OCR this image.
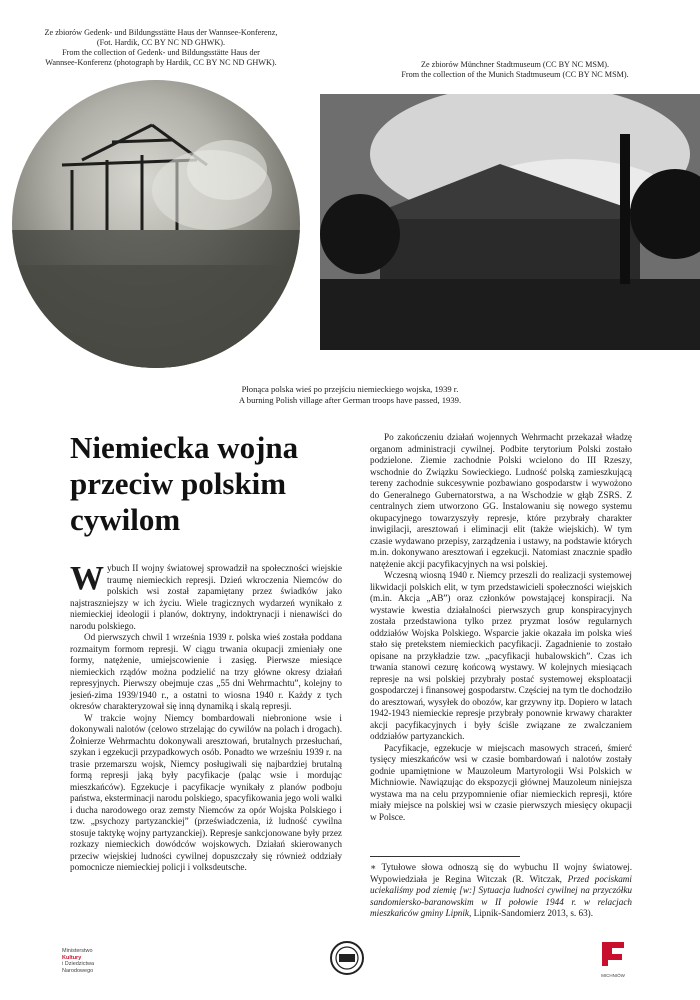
Ze zbiorów Gedenk- und Bildungsstätte Haus der Wannsee-Konferenz,
(Fot. Hardik, CC BY NC ND GHWK).
From the collection of Gedenk- und Bildungsstätte Haus der
Wannsee-Konferenz (photograph by Hardik, CC BY NC ND GHWK).	Ze zbiorów Münchner Stadtmuseum (CC BY NC MSM).
From the collection of the Munich Stadtmuseum (CC BY NC MSM).
Płonąca polska wieś po przejściu niemieckiego wojska, 1939 r.
A burning Polish village after German troops have passed, 1939.
Niemiecka wojna
przeciw polskim
cywilom

Wybuch II wojny światowej sprowadził na społeczności wiejskie traumę niemieckich represji. Dzień wkroczenia Niemców do polskich wsi został zapamiętany przez świadków jako najstraszniejszy w ich życiu. Wiele tragicznych wydarzeń wynikało z niemieckiej ideologii i planów, doktryny, indoktrynacji i nienawiści do narodu polskiego.

Od pierwszych chwil 1 września 1939 r. polska wieś została poddana rozmaitym formom represji. W ciągu trwania okupacji zmieniały one formy, natężenie, umiejscowienie i zasięg. Pierwsze miesiące niemieckich rządów można podzielić na trzy główne okresy działań represyjnych. Pierwszy obejmuje czas „55 dni Wehrmachtu”, kolejny to jesień-zima 1939/1940 r., a ostatni to wiosna 1940 r. Każdy z tych okresów charakteryzował się inną dynamiką i skalą represji.

W trakcie wojny Niemcy bombardowali niebronione wsie i dokonywali nalotów (celowo strzelając do cywilów na polach i drogach). Żołnierze Wehrmachtu dokonywali aresztowań, brutalnych przesłuchań, szykan i egzekucji przypadkowych osób. Ponadto we wrześniu 1939 r. na trasie przemarszu wojsk, Niemcy posługiwali się najbardziej brutalną formą represji jaką były pacyfikacje (paląc wsie i mordując mieszkańców). Egzekucje i pacyfikacje wynikały z planów podboju państwa, eksterminacji narodu polskiego, spacyfikowania jego woli walki i ducha narodowego oraz zemsty Niemców za opór Wojska Polskiego i tzw. „psychozy partyzanckiej” (przeświadczenia, iż ludność cywilna stosuje taktykę wojny partyzanckiej). Represje sankcjonowane były przez rozkazy niemieckich dowódców wojskowych. Działań skierowanych przeciw wiejskiej ludności cywilnej dopuszczały się również oddziały pomocnicze niemieckiej policji i volksdeutsche.

Po zakończeniu działań wojennych Wehrmacht przekazał władzę organom administracji cywilnej. Podbite terytorium Polski zostało podzielone. Ziemie zachodnie Polski wcielono do III Rzeszy, wschodnie do Związku Sowieckiego. Ludność polską zamieszkującą tereny zachodnie sukcesywnie pozbawiano gospodarstw i wywożono do Generalnego Gubernatorstwa, a na Wschodzie w głąb ZSRS. Z centralnych ziem utworzono GG. Instalowaniu się nowego systemu okupacyjnego towarzyszyły represje, które przybrały charakter inwigilacji, aresztowań i eliminacji elit (także wiejskich). W tym czasie wydawano przepisy, zarządzenia i ustawy, na podstawie których m.in. dokonywano aresztowań i egzekucji. Natomiast znacznie spadło natężenie akcji pacyfikacyjnych na wsi polskiej.

Wczesną wiosną 1940 r. Niemcy przeszli do realizacji systemowej likwidacji polskich elit, w tym przedstawicieli społeczności wiejskich (m.in. Akcja „AB”) oraz członków powstającej konspiracji. Na wystawie kwestia działalności pierwszych grup konspiracyjnych została przedstawiona tylko przez pryzmat losów regularnych oddziałów Wojska Polskiego. Wsparcie jakie okazała im polska wieś stało się pretekstem niemieckich pacyfikacji. Zagadnienie to zostało opisane na przykładzie tzw. „pacyfikacji hubalowskich”. Czas ich trwania stanowi cezurę końcową wystawy. W kolejnych miesiącach represje na wsi polskiej przybrały postać systemowej eksploatacji gospodarczej i finansowej gospodarstw. Częściej na tym tle dochodziło do aresztowań, wysyłek do obozów, kar grzywny itp. Dopiero w latach 1942-1943 niemieckie represje przybrały ponownie krwawy charakter akcji pacyfikacyjnych i były ściśle związane ze zwalczaniem oddziałów partyzanckich.

Pacyfikacje, egzekucje w miejscach masowych straceń, śmierć tysięcy mieszkańców wsi w czasie bombardowań i nalotów zostały godnie upamiętnione w Mauzoleum Martyrologii Wsi Polskich w Michniowie. Nawiązując do ekspozycji głównej Mauzoleum niniejsza wystawa ma na celu przypomnienie ofiar niemieckich represji, które miały miejsce na polskiej wsi w czasie pierwszych miesięcy okupacji w Polsce.

∗ Tytułowe słowa odnoszą się do wybuchu II wojny światowej. Wypowiedziała je Regina Witczak (R. Witczak, Przed pociskami uciekaliśmy pod ziemię [w:] Sytuacja ludności cywilnej na przyczółku sandomiersko-baranowskim w II połowie 1944 r. w relacjach mieszkańców gminy Lipnik, Lipnik-Sandomierz 2013, s. 63).
Ministerstwo
Kultury
i Dziedzictwa
Narodowego
MICHNIÓW
